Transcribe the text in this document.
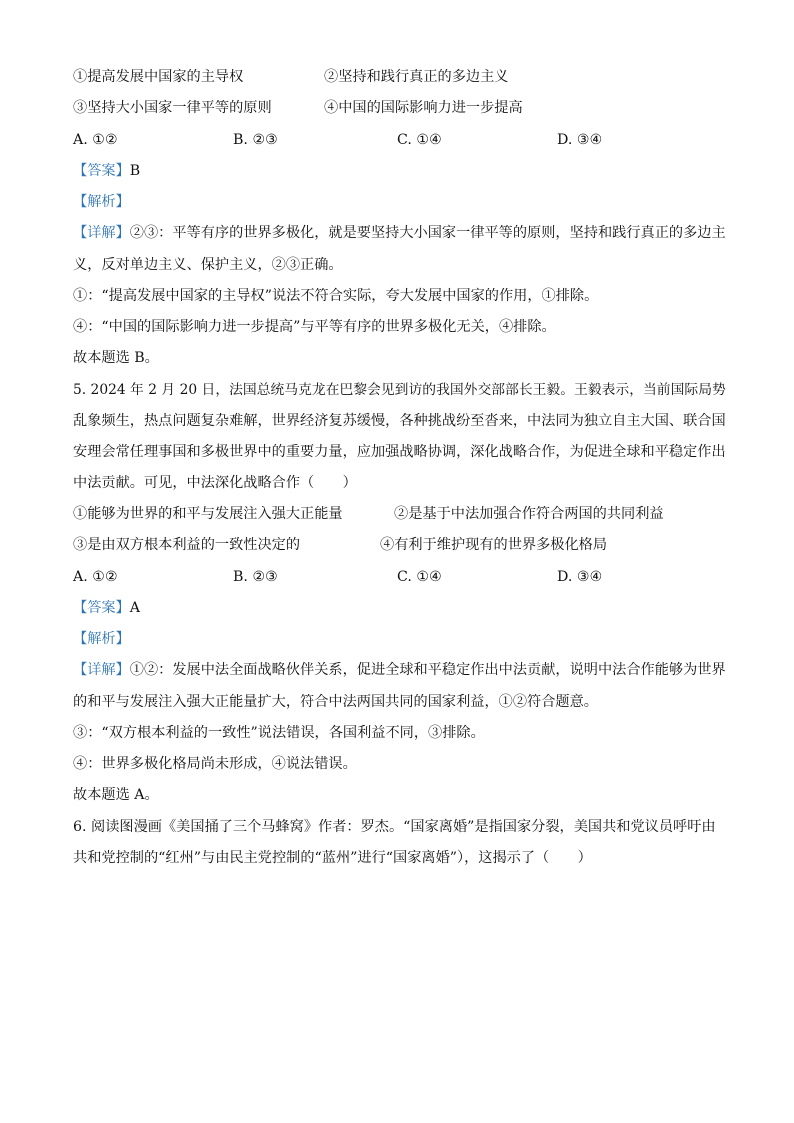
①提高发展中国家的主导权	②坚持和践行真正的多边主义
③坚持大小国家一律平等的原则	④中国的国际影响力进一步提高
A. ①②	B. ②③	C. ①④	D. ③④
【答案】B
【解析】
【详解】②③：平等有序的世界多极化，就是要坚持大小国家一律平等的原则，坚持和践行真正的多边主
义，反对单边主义、保护主义，②③正确。
①：“提高发展中国家的主导权”说法不符合实际，夸大发展中国家的作用，①排除。
④：“中国的国际影响力进一步提高”与平等有序的世界多极化无关，④排除。
故本题选 B。
5. 2024 年 2 月 20 日，法国总统马克龙在巴黎会见到访的我国外交部部长王毅。王毅表示，当前国际局势
乱象频生，热点问题复杂难解，世界经济复苏缓慢，各种挑战纷至沓来，中法同为独立自主大国、联合国
安理会常任理事国和多极世界中的重要力量，应加强战略协调，深化战略合作，为促进全球和平稳定作出
中法贡献。可见，中法深化战略合作（　　）
①能够为世界的和平与发展注入强大正能量	②是基于中法加强合作符合两国的共同利益
③是由双方根本利益的一致性决定的	④有利于维护现有的世界多极化格局
A. ①②	B. ②③	C. ①④	D. ③④
【答案】A
【解析】
【详解】①②：发展中法全面战略伙伴关系，促进全球和平稳定作出中法贡献，说明中法合作能够为世界
的和平与发展注入强大正能量扩大，符合中法两国共同的国家利益，①②符合题意。
③：“双方根本利益的一致性”说法错误，各国利益不同，③排除。
④：世界多极化格局尚未形成，④说法错误。
故本题选 A。
6. 阅读图漫画《美国捅了三个马蜂窝》作者：罗杰。“国家离婚”是指国家分裂，美国共和党议员呼吁由
共和党控制的“红州”与由民主党控制的“蓝州”进行“国家离婚”），这揭示了（　　）
